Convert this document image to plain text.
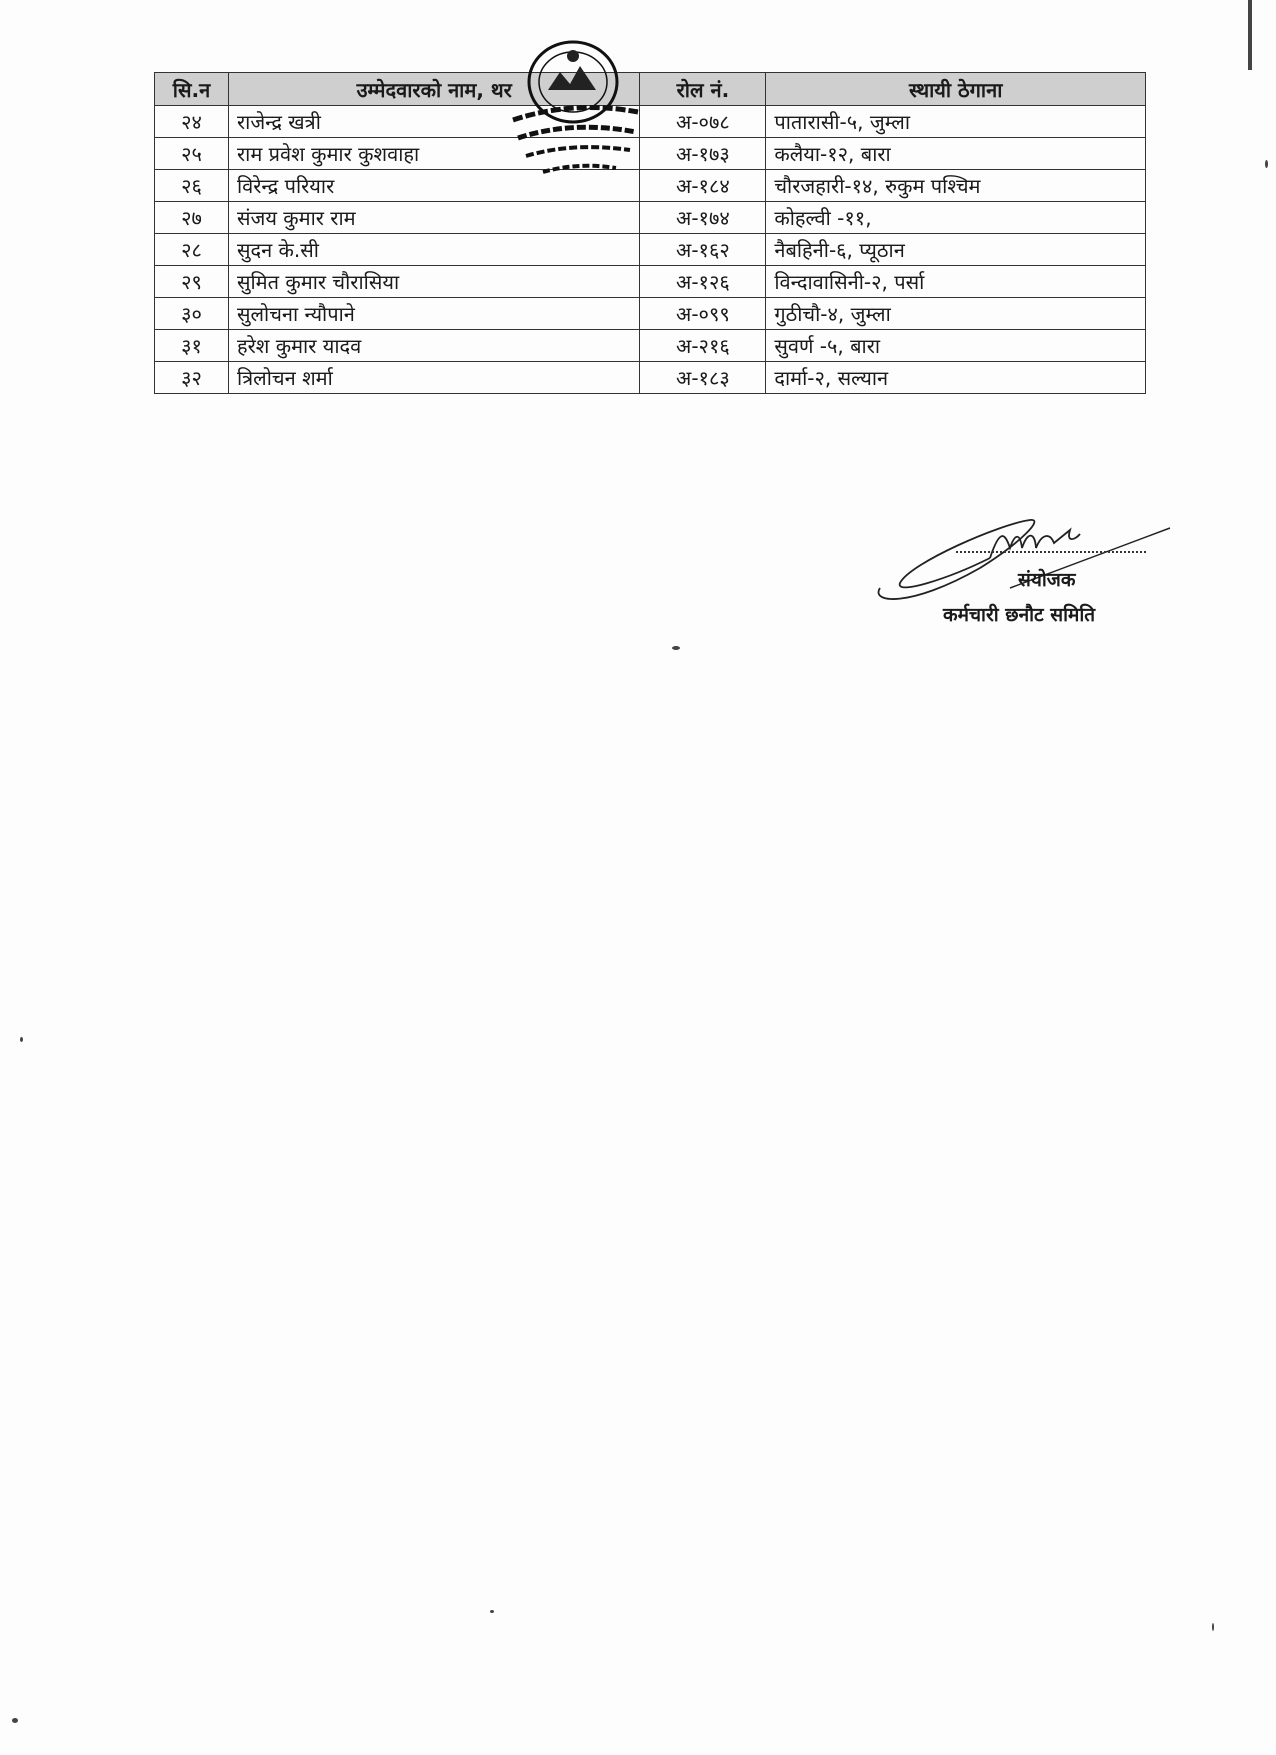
सि.न	उम्मेदवारको नाम, थर	रोल नं.	स्थायी ठेगाना
२४	राजेन्द्र खत्री	अ-०७८	पातारासी-५, जुम्ला
२५	राम प्रवेश कुमार कुशवाहा	अ-१७३	कलैया-१२, बारा
२६	विरेन्द्र परियार	अ-१८४	चौरजहारी-१४, रुकुम पश्चिम
२७	संजय कुमार राम	अ-१७४	कोहल्वी -११,
२८	सुदन के.सी	अ-१६२	नैबहिनी-६, प्यूठान
२९	सुमित कुमार चौरासिया	अ-१२६	विन्दावासिनी-२, पर्सा
३०	सुलोचना न्यौपाने	अ-०९९	गुठीचौ-४, जुम्ला
३१	हरेश कुमार यादव	अ-२१६	सुवर्ण -५, बारा
३२	त्रिलोचन शर्मा	अ-१८३	दार्मा-२, सल्यान
संयोजक
कर्मचारी छनौट समिति
